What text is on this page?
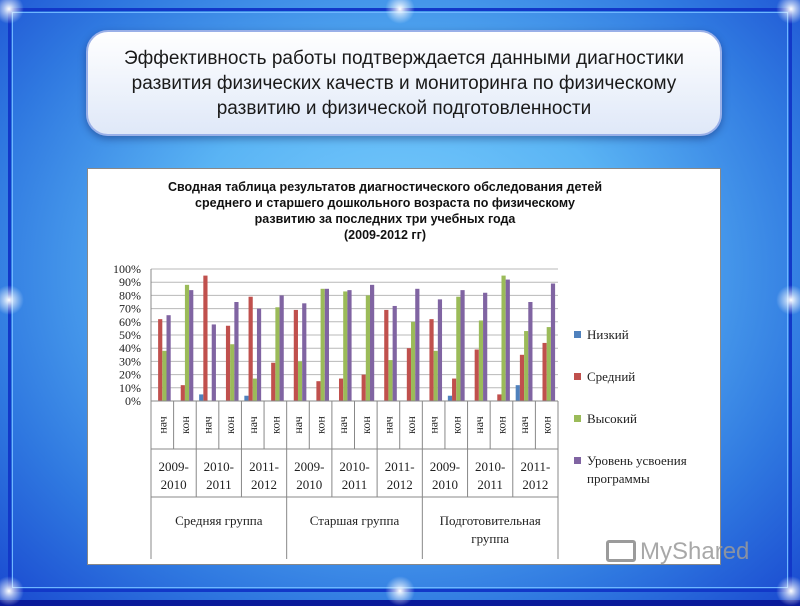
Эффективность работы подтверждается данными диагностики развития физических качеств и мониторинга по физическому развитию и физической подготовленности
Сводная таблица результатов диагностического обследования детей
среднего и старшего дошкольного возраста по физическому
развитию за последних три учебных года
(2009-2012 гг)
0%
10%
20%
30%
40%
50%
60%
70%
80%
90%
100%
нач кон нач кон нач кон нач кон нач кон нач кон нач кон нач кон нач кон
2009-
2010
2010-
2011
2011-
2012
2009-
2010
2010-
2011
2011-
2012
2009-
2010
2010-
2011
2011-
2012
Средняя группа	Старшая группа	Подготовительная
группа
Низкий
Средний
Высокий
Уровень усвоения
программы
MyShared
